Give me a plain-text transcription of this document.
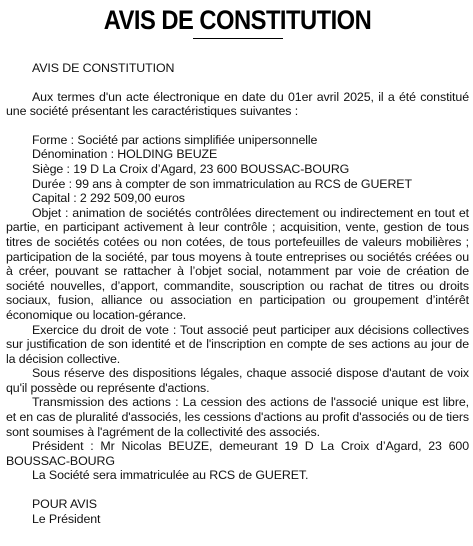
AVIS DE CONSTITUTION

AVIS DE CONSTITUTION

Aux termes d'un acte électronique en date du 01er avril 2025, il a été constitué une société présentant les caractéristiques suivantes :

Forme : Société par actions simplifiée unipersonnelle

Dénomination : HOLDING BEUZE

Siège : 19 D La Croix d’Agard, 23 600 BOUSSAC-BOURG

Durée : 99 ans à compter de son immatriculation au RCS de GUERET

Capital : 2 292 509,00 euros

Objet : animation de sociétés contrôlées directement ou indirectement en tout et partie, en participant activement à leur contrôle ; acquisition, vente, gestion de tous titres de sociétés cotées ou non cotées, de tous portefeuilles de valeurs mobilières ; participation de la société, par tous moyens à toute entreprises ou sociétés créées ou à créer, pouvant se rattacher à l’objet social, notamment par voie de création de société nouvelles, d’apport, commandite, souscription ou rachat de titres ou droits sociaux, fusion, alliance ou association en participation ou groupement d’intérêt économique ou location-gérance.

Exercice du droit de vote : Tout associé peut participer aux décisions collectives sur justification de son identité et de l'inscription en compte de ses actions au jour de la décision collective.

Sous réserve des dispositions légales, chaque associé dispose d'autant de voix qu'il possède ou représente d'actions.

Transmission des actions : La cession des actions de l'associé unique est libre, et en cas de pluralité d'associés, les cessions d'actions au profit d'associés ou de tiers sont soumises à l'agrément de la collectivité des associés.

Président : Mr Nicolas BEUZE, demeurant 19 D La Croix d’Agard, 23 600 BOUSSAC-BOURG

La Société sera immatriculée au RCS de GUERET.

POUR AVIS

Le Président
